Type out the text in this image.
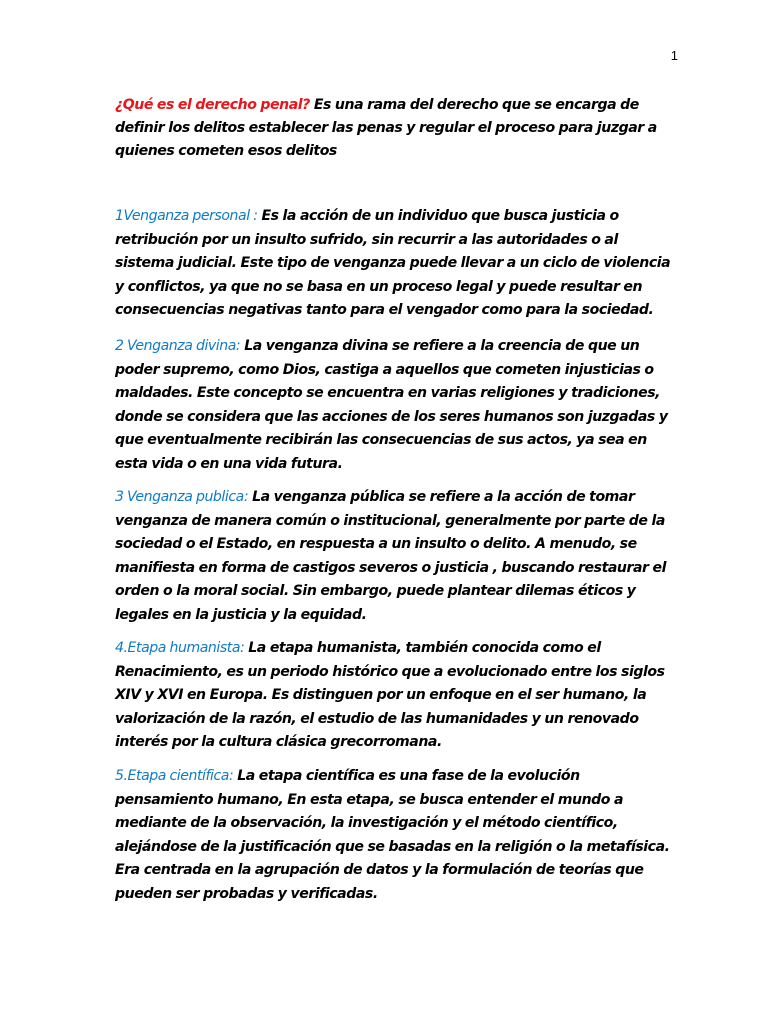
1

¿Qué es el derecho penal? Es una rama del derecho que se encarga de definir los delitos establecer las penas y regular el proceso para juzgar a quienes cometen esos delitos

1Venganza personal : Es la acción de un individuo que busca justicia o retribución por un insulto sufrido, sin recurrir a las autoridades o al sistema judicial. Este tipo de venganza puede llevar a un ciclo de violencia y conflictos, ya que no se basa en un proceso legal y puede resultar en consecuencias negativas tanto para el vengador como para la sociedad.

2 Venganza divina: La venganza divina se refiere a la creencia de que un poder supremo, como Dios, castiga a aquellos que cometen injusticias o maldades. Este concepto se encuentra en varias religiones y tradiciones, donde se considera que las acciones de los seres humanos son juzgadas y que eventualmente recibirán las consecuencias de sus actos, ya sea en esta vida o en una vida futura.

3 Venganza publica: La venganza pública se refiere a la acción de tomar venganza de manera común o institucional, generalmente por parte de la sociedad o el Estado, en respuesta a un insulto o delito. A menudo, se manifiesta en forma de castigos severos o justicia , buscando restaurar el orden o la moral social. Sin embargo, puede plantear dilemas éticos y legales en la justicia y la equidad.

4.Etapa humanista: La etapa humanista, también conocida como el Renacimiento, es un periodo histórico que a evolucionado entre los siglos XIV y XVI en Europa. Es distinguen por un enfoque en el ser humano, la valorización de la razón, el estudio de las humanidades y un renovado interés por la cultura clásica grecorromana.

5.Etapa científica: La etapa científica es una fase de la evolución pensamiento humano, En esta etapa, se busca entender el mundo a mediante de la observación, la investigación y el método científico, alejándose de la justificación que se basadas en la religión o la metafísica. Era centrada en la agrupación de datos y la formulación de teorías que pueden ser probadas y verificadas.
